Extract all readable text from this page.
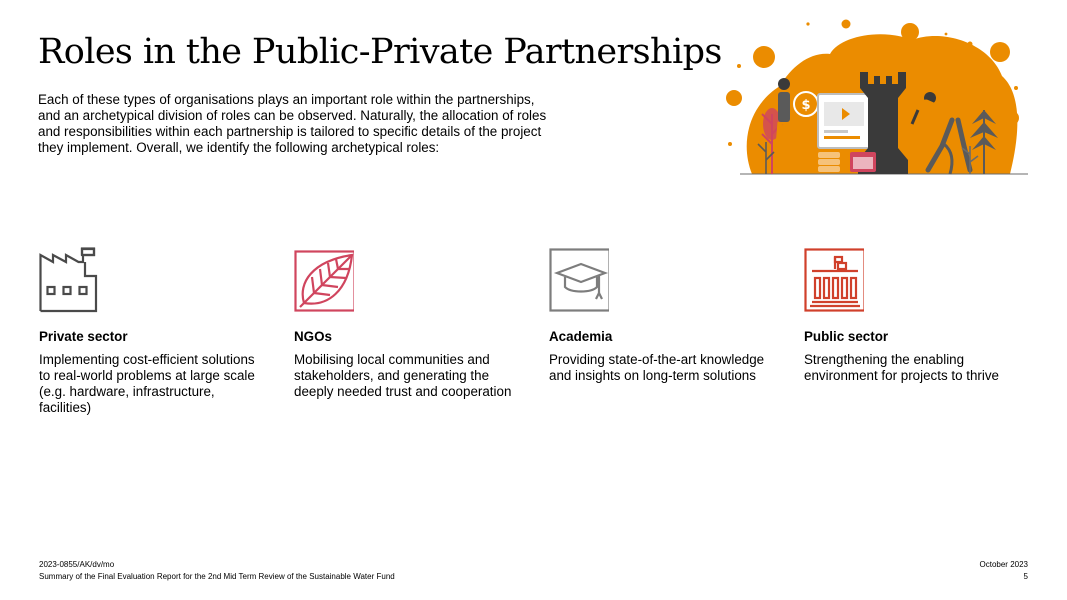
Roles in the Public-Private Partnerships

Each of these types of organisations plays an important role within the partnerships, and an archetypical division of roles can be observed. Naturally, the allocation of roles and responsibilities within each partnership is tailored to specific details of the project they implement. Overall, we identify the following archetypical roles:

$
Private sector
Implementing cost-efficient solutions to real-world problems at large scale (e.g. hardware, infrastructure, facilities)
NGOs
Mobilising local communities and stakeholders, and generating the deeply needed trust and cooperation
Academia
Providing state-of-the-art knowledge and insights on long-term solutions
Public sector
Strengthening the enabling environment for projects to thrive
2023-0855/AK/dv/mo
Summary of the Final Evaluation Report for the 2nd Mid Term Review of the Sustainable Water Fund
October 2023
5
